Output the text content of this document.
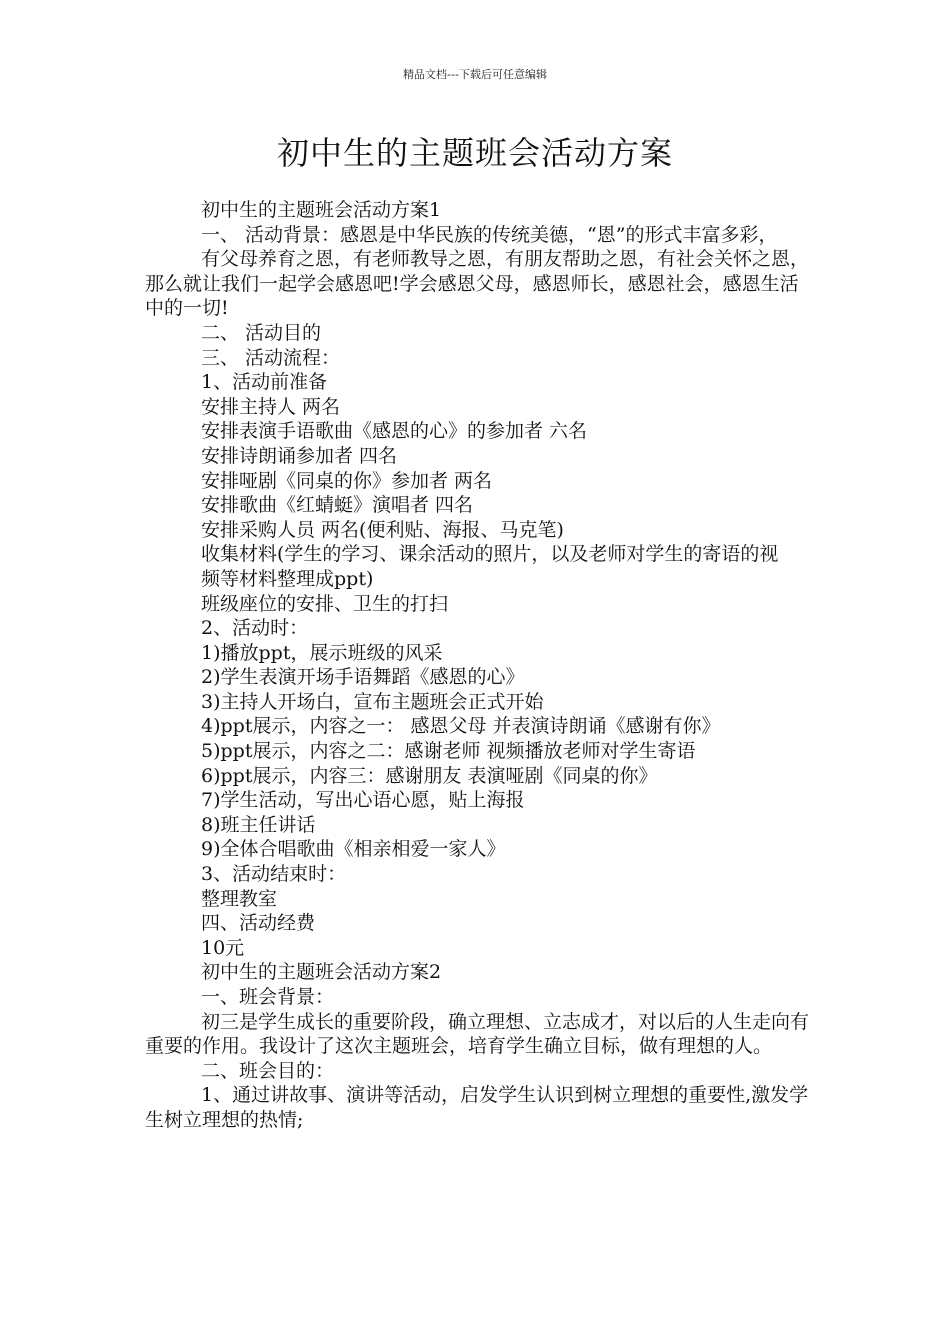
精品文档---下载后可任意编辑
初中生的主题班会活动方案

初中生的主题班会活动方案1

一、 活动背景：感恩是中华民族的传统美德，“恩”的形式丰富多彩，

有父母养育之恩，有老师教导之恩，有朋友帮助之恩，有社会关怀之恩，那么就让我们一起学会感恩吧!学会感恩父母，感恩师长，感恩社会，感恩生活中的一切!

二、 活动目的

三、 活动流程：

1、活动前准备

安排主持人 两名

安排表演手语歌曲《感恩的心》的参加者 六名

安排诗朗诵参加者 四名

安排哑剧《同桌的你》参加者 两名

安排歌曲《红蜻蜓》演唱者 四名

安排采购人员 两名(便利贴、海报、马克笔)

收集材料(学生的学习、课余活动的照片，以及老师对学生的寄语的视频等材料整理成ppt)

班级座位的安排、卫生的打扫

2、活动时：

1)播放ppt，展示班级的风采

2)学生表演开场手语舞蹈《感恩的心》

3)主持人开场白，宣布主题班会正式开始

4)ppt展示，内容之一： 感恩父母 并表演诗朗诵《感谢有你》

5)ppt展示，内容之二：感谢老师 视频播放老师对学生寄语

6)ppt展示，内容三：感谢朋友 表演哑剧《同桌的你》

7)学生活动，写出心语心愿，贴上海报

8)班主任讲话

9)全体合唱歌曲《相亲相爱一家人》

3、活动结束时：

整理教室

四、活动经费

10元

初中生的主题班会活动方案2

一、班会背景：

初三是学生成长的重要阶段，确立理想、立志成才，对以后的人生走向有重要的作用。我设计了这次主题班会，培育学生确立目标，做有理想的人。

二、班会目的：

1、通过讲故事、演讲等活动，启发学生认识到树立理想的重要性,激发学生树立理想的热情;
